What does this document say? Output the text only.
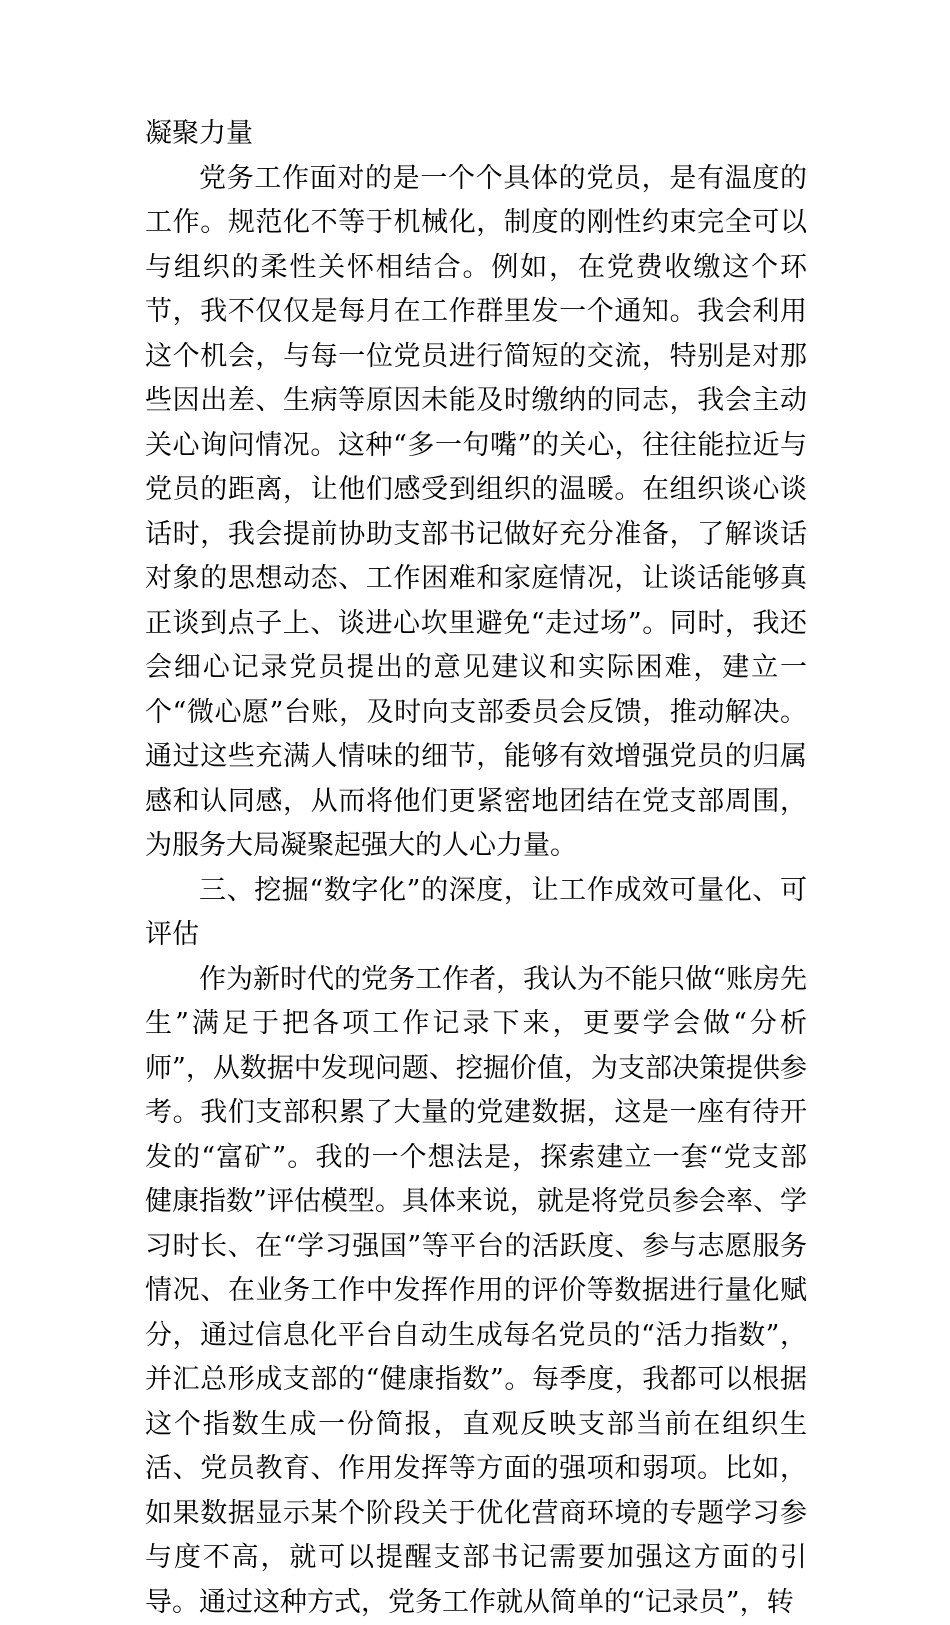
凝聚力量

党务工作面对的是一个个具体的党员，是有温度的工作。规范化不等于机械化，制度的刚性约束完全可以与组织的柔性关怀相结合。例如，在党费收缴这个环节，我不仅仅是每月在工作群里发一个通知。我会利用这个机会，与每一位党员进行简短的交流，特别是对那些因出差、生病等原因未能及时缴纳的同志，我会主动关心询问情况。这种“多一句嘴”的关心，往往能拉近与党员的距离，让他们感受到组织的温暖。在组织谈心谈话时，我会提前协助支部书记做好充分准备，了解谈话对象的思想动态、工作困难和家庭情况，让谈话能够真正谈到点子上、谈进心坎里避免“走过场”。同时，我还会细心记录党员提出的意见建议和实际困难，建立一个“微心愿”台账，及时向支部委员会反馈，推动解决。通过这些充满人情味的细节，能够有效增强党员的归属感和认同感，从而将他们更紧密地团结在党支部周围，为服务大局凝聚起强大的人心力量。

三、挖掘“数字化”的深度，让工作成效可量化、可评估

作为新时代的党务工作者，我认为不能只做“账房先生”满足于把各项工作记录下来，更要学会做“分析师”，从数据中发现问题、挖掘价值，为支部决策提供参考。我们支部积累了大量的党建数据，这是一座有待开发的“富矿”。我的一个想法是，探索建立一套“党支部健康指数”评估模型。具体来说，就是将党员参会率、学习时长、在“学习强国”等平台的活跃度、参与志愿服务情况、在业务工作中发挥作用的评价等数据进行量化赋分，通过信息化平台自动生成每名党员的“活力指数”，并汇总形成支部的“健康指数”。每季度，我都可以根据这个指数生成一份简报，直观反映支部当前在组织生活、党员教育、作用发挥等方面的强项和弱项。比如，如果数据显示某个阶段关于优化营商环境的专题学习参与度不高，就可以提醒支部书记需要加强这方面的引导。通过这种方式，党务工作就从简单的“记录员”，转
